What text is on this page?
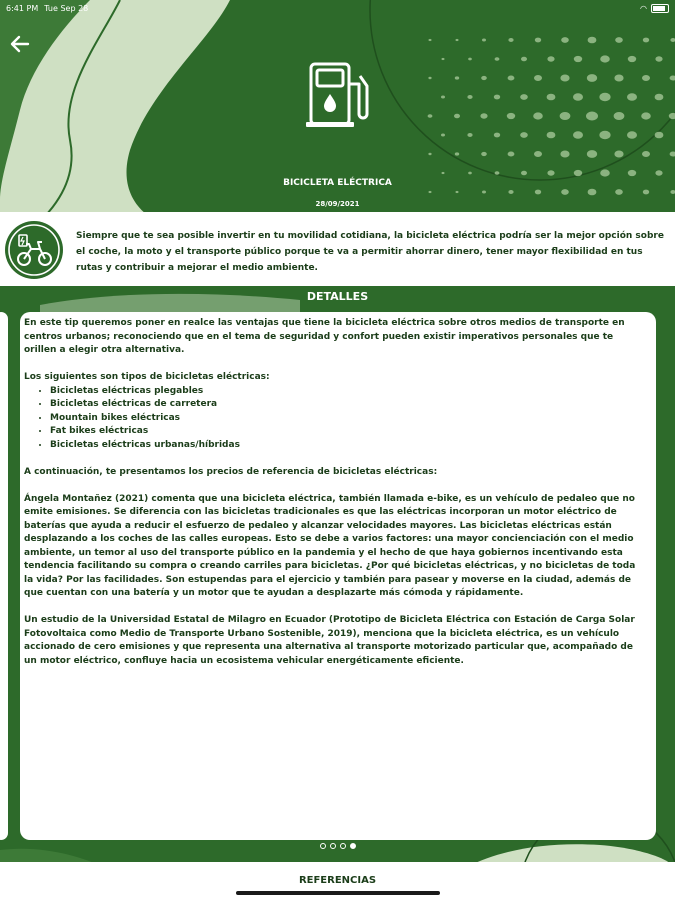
6:41 PM Tue Sep 28	◠
BICICLETA ELÉCTRICA
28/09/2021
Siempre que te sea posible invertir en tu movilidad cotidiana, la bicicleta eléctrica podría ser la mejor opción sobre el coche, la moto y el transporte público porque te va a permitir ahorrar dinero, tener mayor flexibilidad en tus rutas y contribuir a mejorar el medio ambiente.
DETALLES

En este tip queremos poner en realce las ventajas que tiene la bicicleta eléctrica sobre otros medios de transporte en centros urbanos; reconociendo que en el tema de seguridad y confort pueden existir imperativos personales que te orillen a elegir otra alternativa.

Los siguientes son tipos de bicicletas eléctricas:

• Bicicletas eléctricas plegables
• Bicicletas eléctricas de carretera
• Mountain bikes eléctricas
• Fat bikes eléctricas
• Bicicletas eléctricas urbanas/híbridas

A continuación, te presentamos los precios de referencia de bicicletas eléctricas:

Ángela Montañez (2021) comenta que una bicicleta eléctrica, también llamada e-bike, es un vehículo de pedaleo que no emite emisiones. Se diferencia con las bicicletas tradicionales es que las eléctricas incorporan un motor eléctrico de baterías que ayuda a reducir el esfuerzo de pedaleo y alcanzar velocidades mayores. Las bicicletas eléctricas están desplazando a los coches de las calles europeas. Esto se debe a varios factores: una mayor concienciación con el medio ambiente, un temor al uso del transporte público en la pandemia y el hecho de que haya gobiernos incentivando esta tendencia facilitando su compra o creando carriles para bicicletas. ¿Por qué bicicletas eléctricas, y no bicicletas de toda la vida? Por las facilidades. Son estupendas para el ejercicio y también para pasear y moverse en la ciudad, además de que cuentan con una batería y un motor que te ayudan a desplazarte más cómoda y rápidamente.

Un estudio de la Universidad Estatal de Milagro en Ecuador (Prototipo de Bicicleta Eléctrica con Estación de Carga Solar Fotovoltaica como Medio de Transporte Urbano Sostenible, 2019), menciona que la bicicleta eléctrica, es un vehículo accionado de cero emisiones y que representa una alternativa al transporte motorizado particular que, acompañado de un motor eléctrico, confluye hacia un ecosistema vehicular energéticamente eficiente.

REFERENCIAS
